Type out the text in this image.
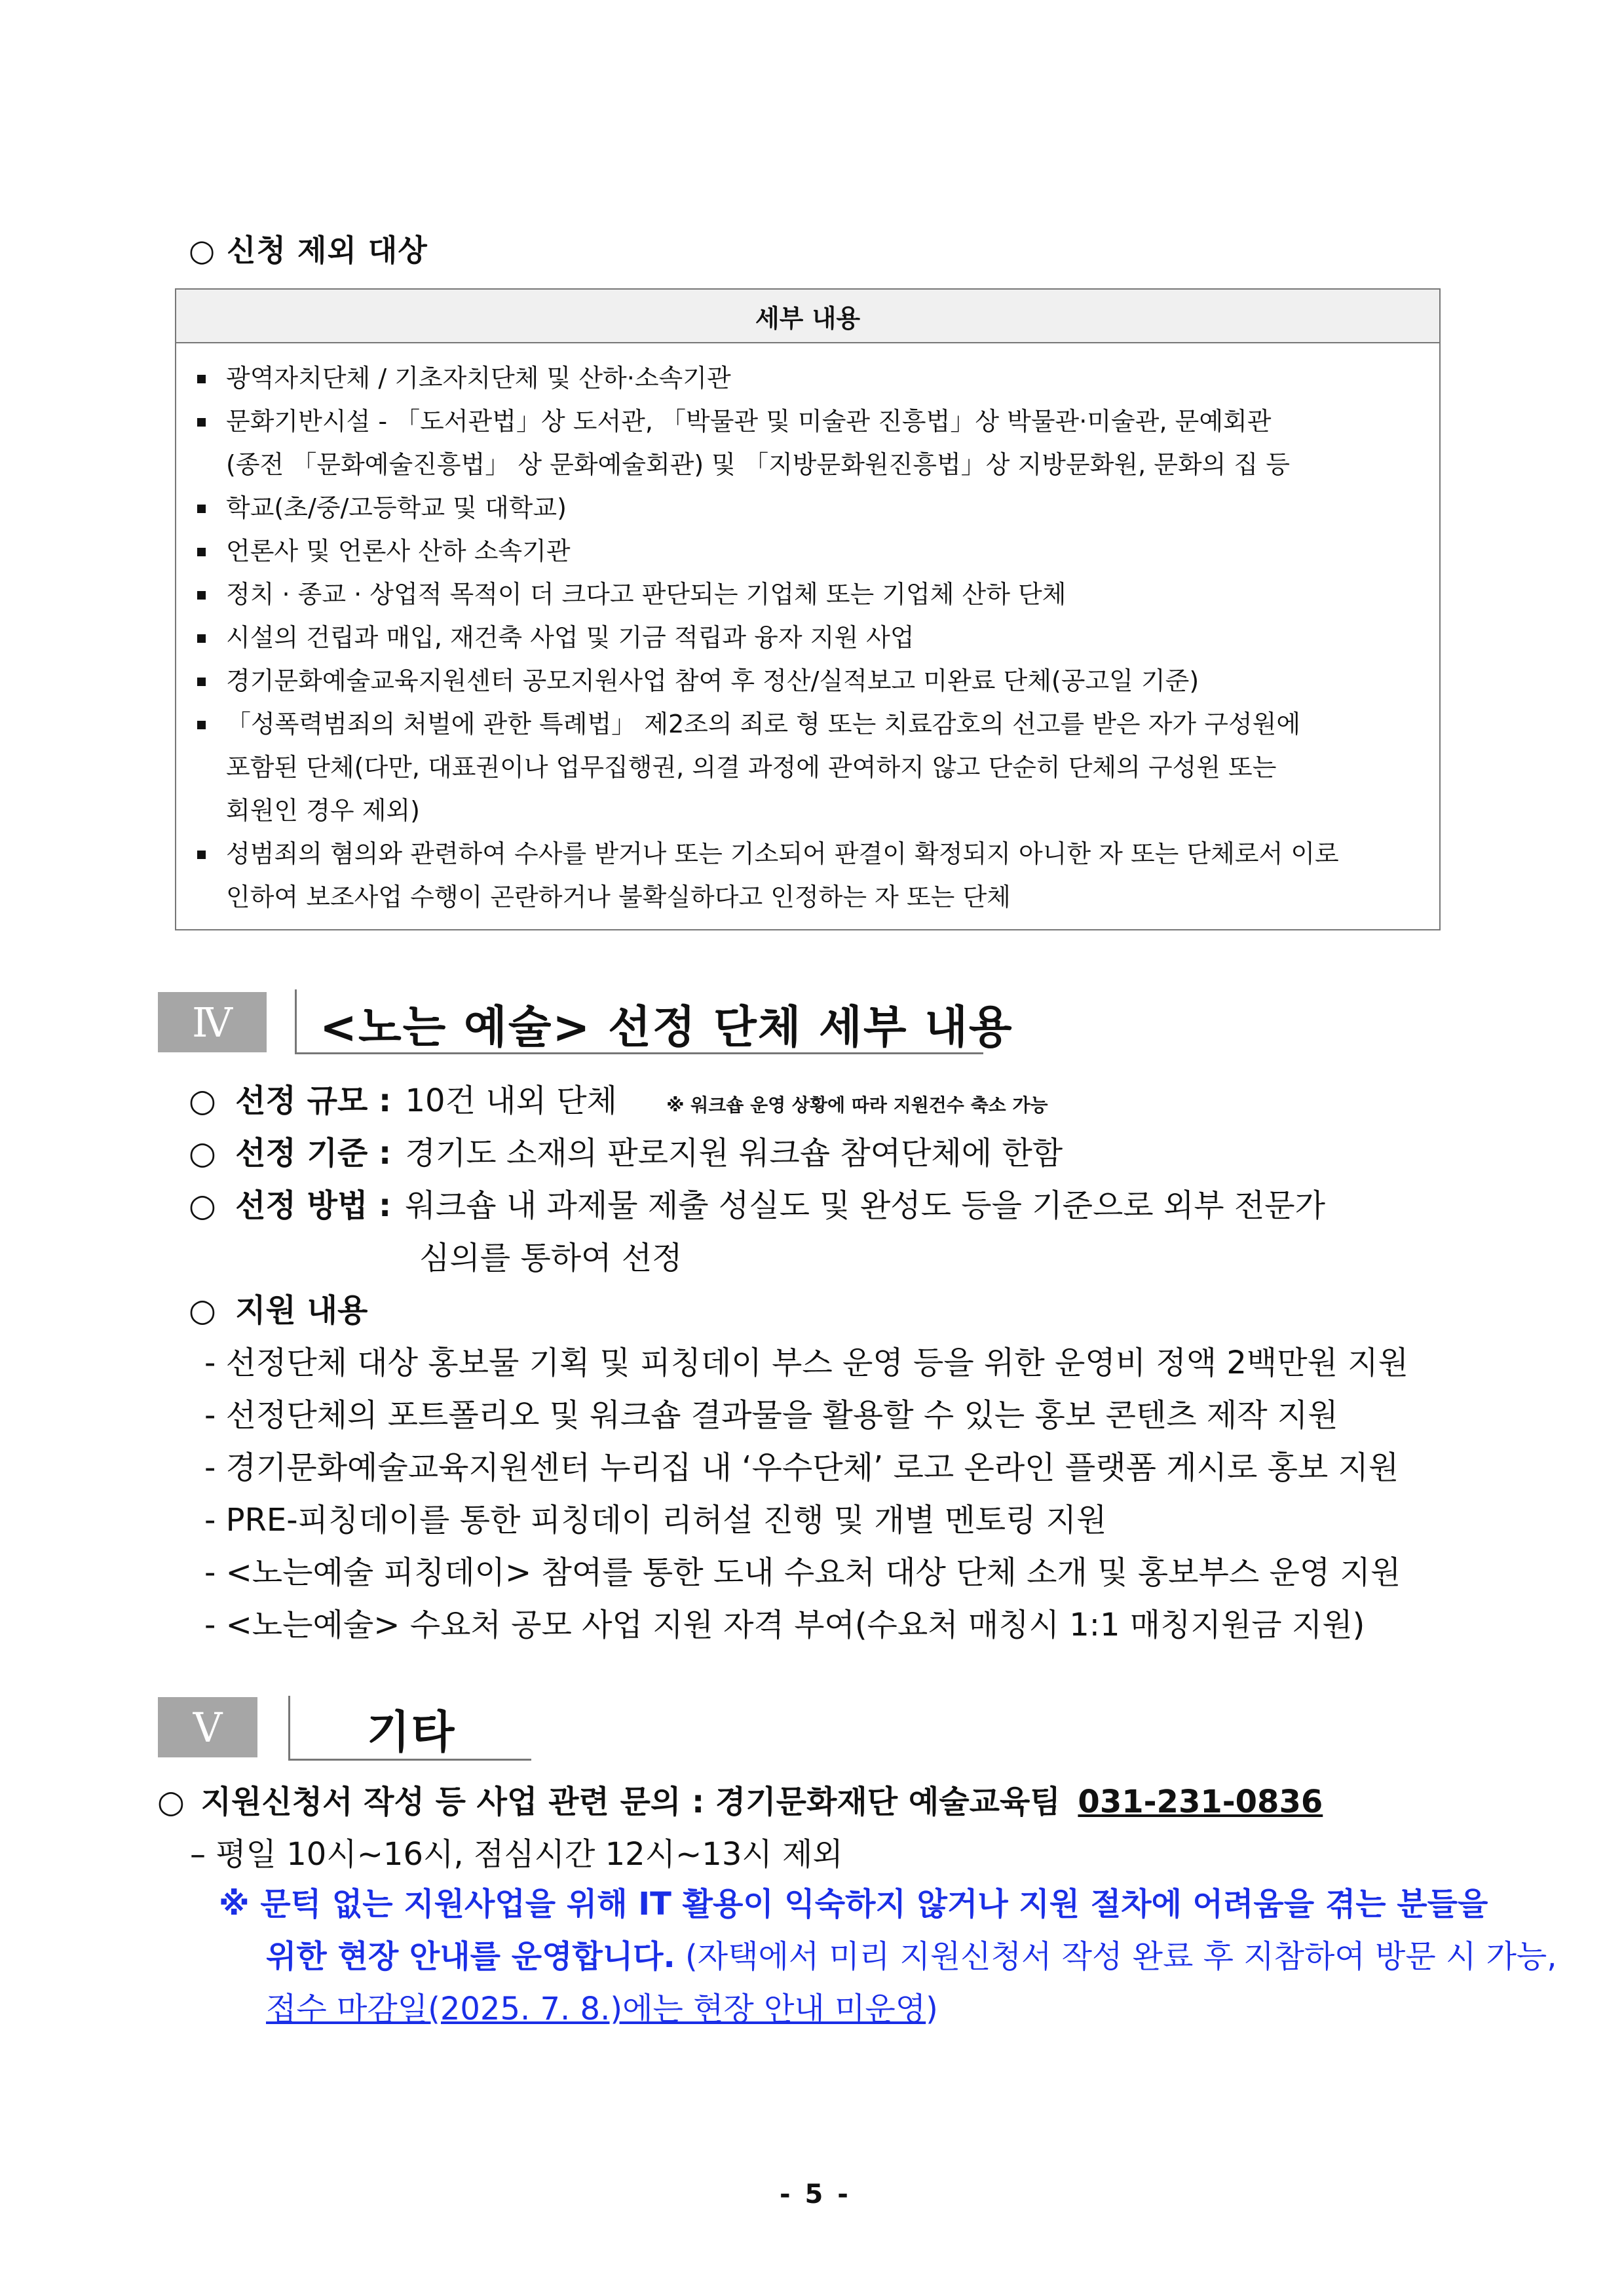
○ 신청 제외 대상
세부 내용
광역자치단체 / 기초자치단체 및 산하·소속기관
문화기반시설 - 「도서관법」상 도서관, 「박물관 및 미술관 진흥법」상 박물관·미술관, 문예회관
(종전 「문화예술진흥법」 상 문화예술회관) 및 「지방문화원진흥법」상 지방문화원, 문화의 집 등
학교(초/중/고등학교 및 대학교)
언론사 및 언론사 산하 소속기관
정치 · 종교 · 상업적 목적이 더 크다고 판단되는 기업체 또는 기업체 산하 단체
시설의 건립과 매입, 재건축 사업 및 기금 적립과 융자 지원 사업
경기문화예술교육지원센터 공모지원사업 참여 후 정산/실적보고 미완료 단체(공고일 기준)
「성폭력범죄의 처벌에 관한 특례법」 제2조의 죄로 형 또는 치료감호의 선고를 받은 자가 구성원에
포함된 단체(다만, 대표권이나 업무집행권, 의결 과정에 관여하지 않고 단순히 단체의 구성원 또는
회원인 경우 제외)
성범죄의 혐의와 관련하여 수사를 받거나 또는 기소되어 판결이 확정되지 아니한 자 또는 단체로서 이로
인하여 보조사업 수행이 곤란하거나 불확실하다고 인정하는 자 또는 단체
Ⅳ	<노는 예술> 선정 단체 세부 내용
○ 선정 규모 : 10건 내외 단체	※ 워크숍 운영 상황에 따라 지원건수 축소 가능
○ 선정 기준 : 경기도 소재의 판로지원 워크숍 참여단체에 한함
○ 선정 방법 : 워크숍 내 과제물 제출 성실도 및 완성도 등을 기준으로 외부 전문가
심의를 통하여 선정
○ 지원 내용
- 선정단체 대상 홍보물 기획 및 피칭데이 부스 운영 등을 위한 운영비 정액 2백만원 지원
- 선정단체의 포트폴리오 및 워크숍 결과물을 활용할 수 있는 홍보 콘텐츠 제작 지원
- 경기문화예술교육지원센터 누리집 내 ‘우수단체’ 로고 온라인 플랫폼 게시로 홍보 지원
- PRE-피칭데이를 통한 피칭데이 리허설 진행 및 개별 멘토링 지원
- <노는예술 피칭데이> 참여를 통한 도내 수요처 대상 단체 소개 및 홍보부스 운영 지원
- <노는예술> 수요처 공모 사업 지원 자격 부여(수요처 매칭시 1:1 매칭지원금 지원)
Ⅴ	기타
○ 지원신청서 작성 등 사업 관련 문의 : 경기문화재단 예술교육팀 031-231-0836
– 평일 10시~16시, 점심시간 12시~13시 제외
※ 문턱 없는 지원사업을 위해 IT 활용이 익숙하지 않거나 지원 절차에 어려움을 겪는 분들을
위한 현장 안내를 운영합니다. (자택에서 미리 지원신청서 작성 완료 후 지참하여 방문 시 가능,
접수 마감일(2025. 7. 8.)에는 현장 안내 미운영)
- 5 -
